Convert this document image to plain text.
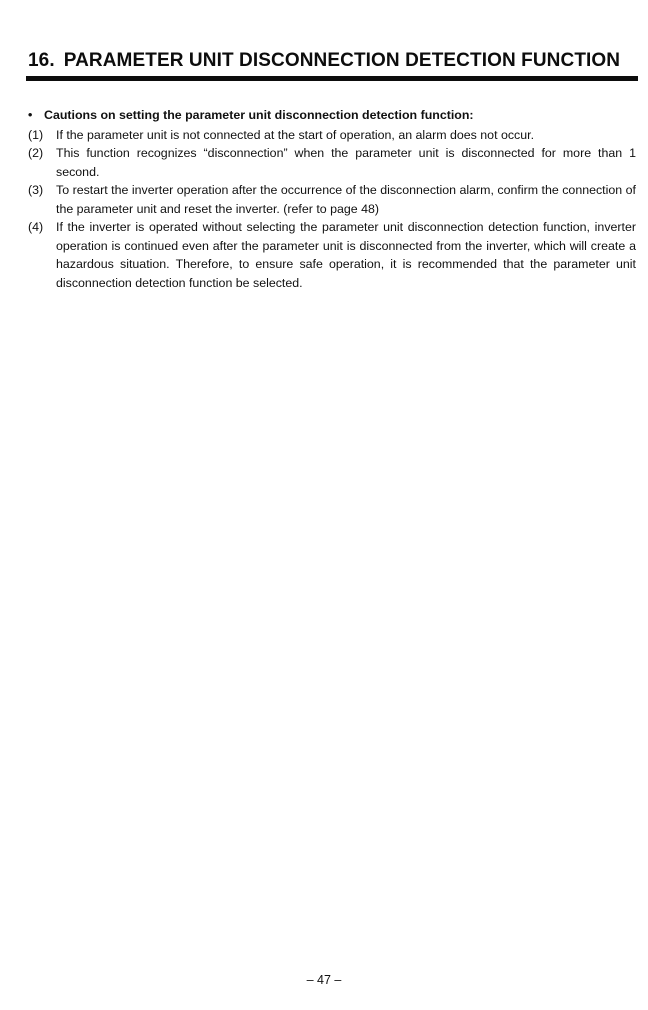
16. PARAMETER UNIT DISCONNECTION DETECTION FUNCTION

• Cautions on setting the parameter unit disconnection detection function:

(1)	If the parameter unit is not connected at the start of operation, an alarm does not occur.
(2)	This function recognizes “disconnection” when the parameter unit is disconnected for more than 1 second.
(3)	To restart the inverter operation after the occurrence of the disconnection alarm, confirm the connection of the parameter unit and reset the inverter. (refer to page 48)
(4)	If the inverter is operated without selecting the parameter unit disconnection detection function, inverter operation is continued even after the parameter unit is disconnected from the inverter, which will create a hazardous situation. Therefore, to ensure safe operation, it is recommended that the parameter unit disconnection detection function be selected.
– 47 –
